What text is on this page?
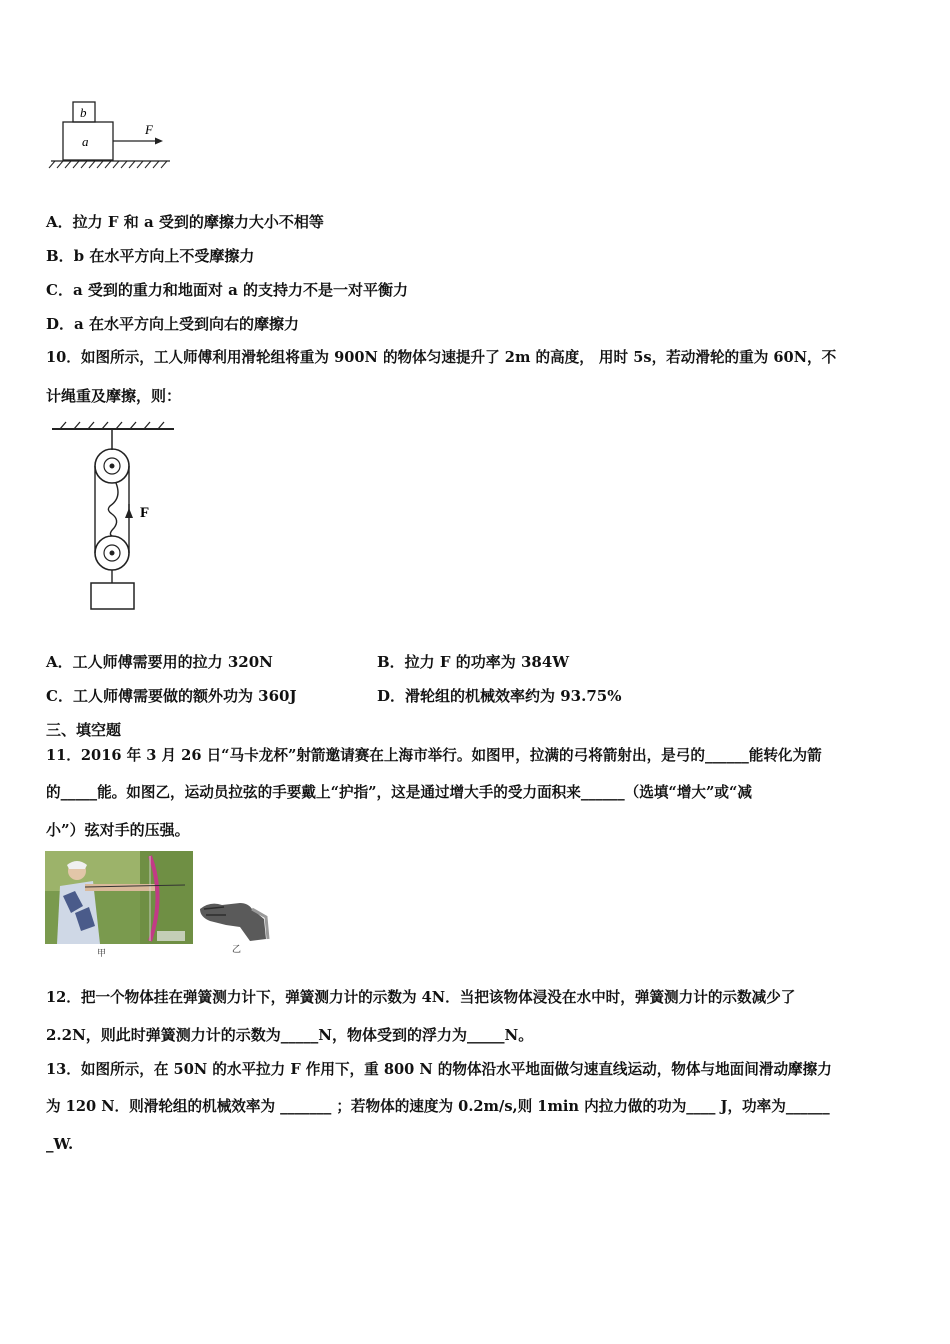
b
a
F
A．拉力 F 和 a 受到的摩擦力大小不相等
B．b 在水平方向上不受摩擦力
C．a 受到的重力和地面对 a 的支持力不是一对平衡力
D．a 在水平方向上受到向右的摩擦力
10．如图所示，工人师傅利用滑轮组将重为 900N 的物体匀速提升了 2m 的高度， 用时 5s，若动滑轮的重为 60N，不
计绳重及摩擦，则：
F
A．工人师傅需要用的拉力 320N	B．拉力 F 的功率为 384W
C．工人师傅需要做的额外功为 360J	D．滑轮组的机械效率约为 93.75%
三、填空题
11．2016 年 3 月 26 日“马卡龙杯”射箭邀请赛在上海市举行。如图甲，拉满的弓将箭射出，是弓的______能转化为箭
的_____能。如图乙，运动员拉弦的手要戴上“护指”，这是通过增大手的受力面积来______（选填“增大”或“减
小”）弦对手的压强。
甲	乙
12．把一个物体挂在弹簧测力计下，弹簧测力计的示数为 4N．当把该物体浸没在水中时，弹簧测力计的示数减少了
2.2N，则此时弹簧测力计的示数为_____N，物体受到的浮力为_____N。
13．如图所示，在 50N 的水平拉力 F 作用下，重 800 N 的物体沿水平地面做匀速直线运动，物体与地面间滑动摩擦力
为 120 N．则滑轮组的机械效率为 _______ ；若物体的速度为 0.2m/s,则 1min 内拉力做的功为____ J，功率为______
_W.
